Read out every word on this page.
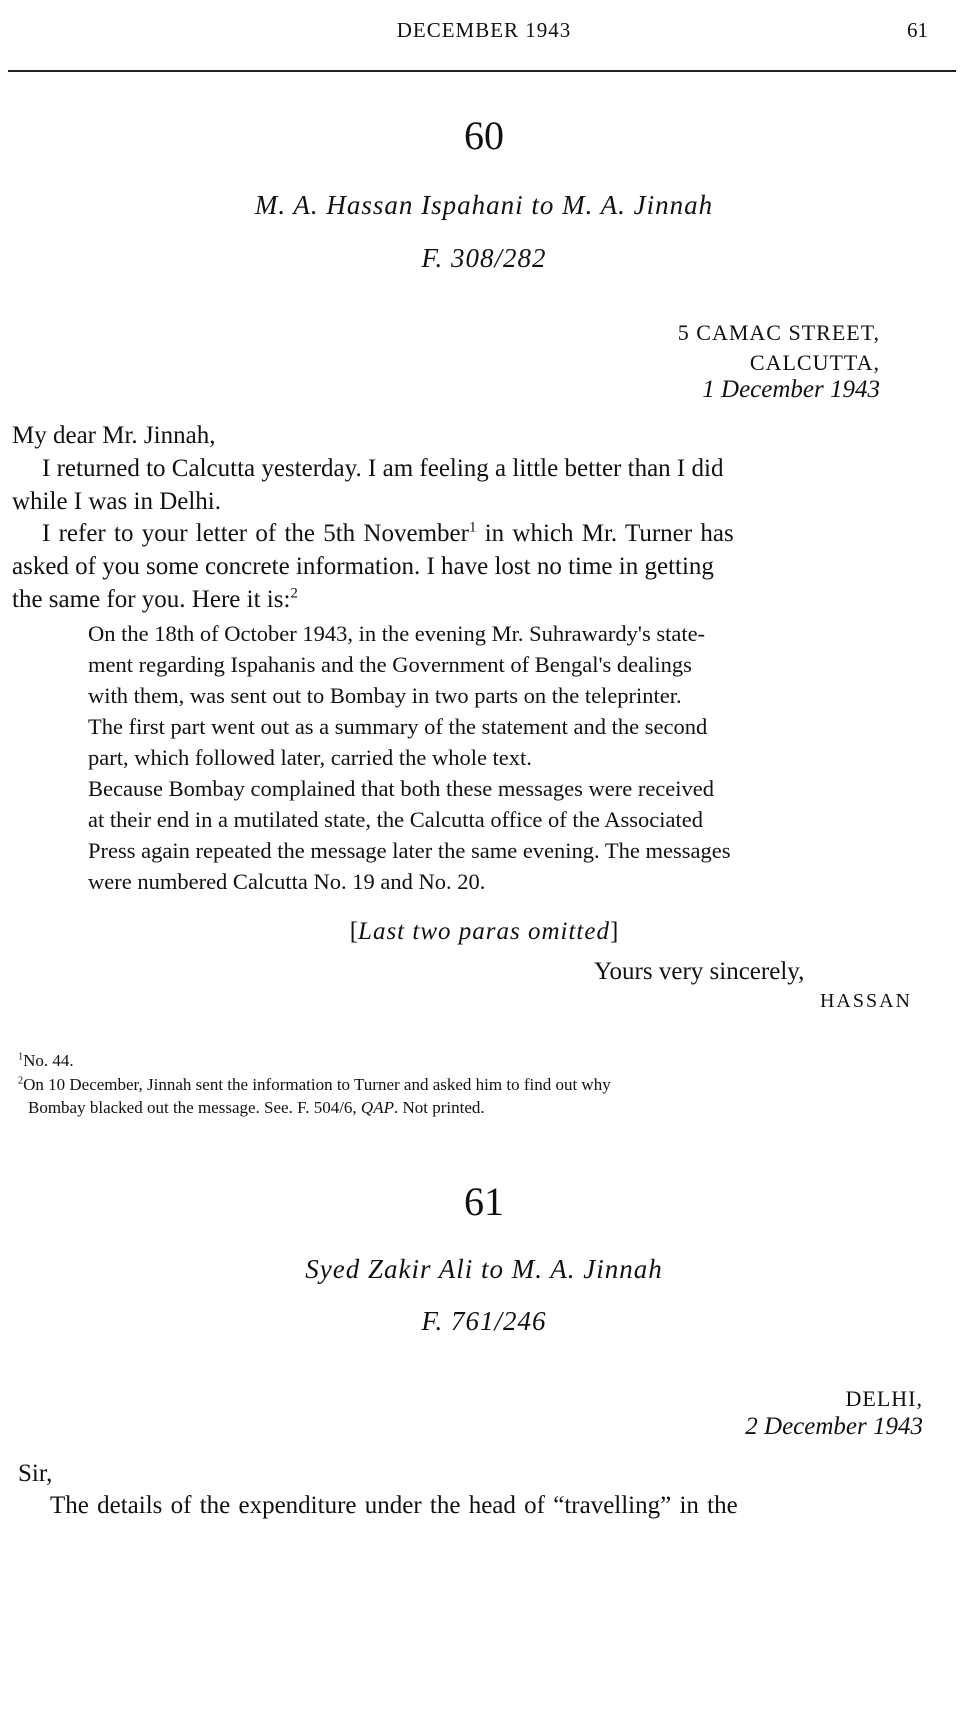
DECEMBER 1943	61
60
M. A. Hassan Ispahani to M. A. Jinnah
F. 308/282
5 CAMAC STREET,
CALCUTTA,
1 December 1943
My dear Mr. Jinnah,
I returned to Calcutta yesterday. I am feeling a little better than I did
while I was in Delhi.
I refer to your letter of the 5th November$^1$ in which Mr. Turner has
asked of you some concrete information. I have lost no time in getting
the same for you. Here it is:$^2$
On the 18th of October 1943, in the evening Mr. Suhrawardy's state-
ment regarding Ispahanis and the Government of Bengal's dealings
with them, was sent out to Bombay in two parts on the teleprinter.
The first part went out as a summary of the statement and the second
part, which followed later, carried the whole text.
Because Bombay complained that both these messages were received
at their end in a mutilated state, the Calcutta office of the Associated
Press again repeated the message later the same evening. The messages
were numbered Calcutta No. 19 and No. 20.
[Last two paras omitted]
Yours very sincerely,
HASSAN
$^1$No. 44.
$^2$On 10 December, Jinnah sent the information to Turner and asked him to find out why
Bombay blacked out the message. See. F. 504/6, QAP. Not printed.
61
Syed Zakir Ali to M. A. Jinnah
F. 761/246
DELHI,
2 December 1943
Sir,
The details of the expenditure under the head of “travelling” in the
